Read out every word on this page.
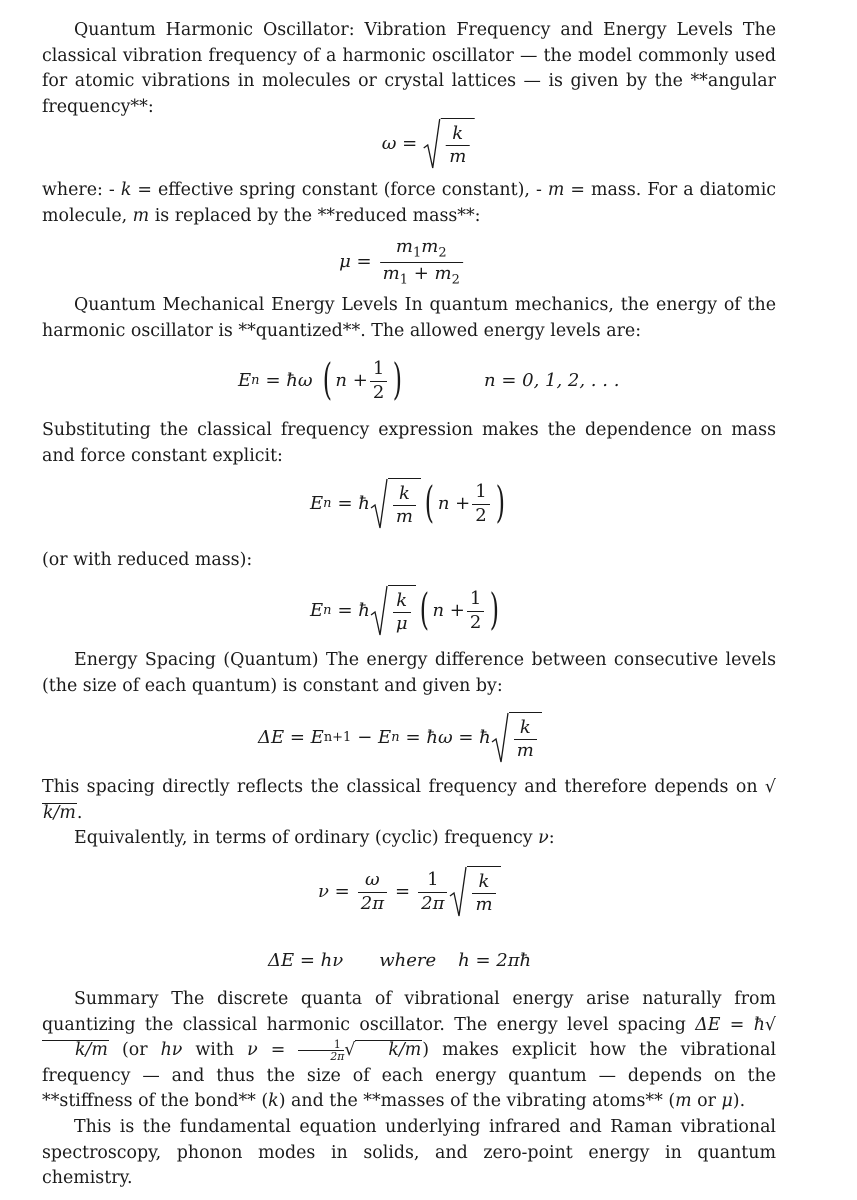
Quantum Harmonic Oscillator: Vibration Frequency and Energy Levels The classical vibration frequency of a harmonic oscillator — the model commonly used for atomic vibrations in molecules or crystal lattices — is given by the **angular frequency**:

$\omega = \frac{k}{m}$

where: - k = effective spring constant (force constant), - m = mass. For a diatomic molecule, m is replaced by the **reduced mass**:

$\mu = \frac{m_1m_2}{m_1 + m_2}$

Quantum Mechanical Energy Levels In quantum mechanics, the energy of the harmonic oscillator is **quantized**. The allowed energy levels are:

E n = ħω ( $n + \frac{1}{2}$ )	n = 0, 1, 2, . . .

Substituting the classical frequency expression makes the dependence on mass and force constant explicit:

E n = ħ $\frac{k}{m}$ ( $n + \frac{1}{2}$ )

(or with reduced mass):

E n = ħ $\frac{k}{\mu}$ ( $n + \frac{1}{2}$ )

Energy Spacing (Quantum) The energy difference between consecutive levels (the size of each quantum) is constant and given by:

ΔE = E n+1 − E n = ħω = ħ $\frac{k}{m}$

This spacing directly reflects the classical frequency and therefore depends on √k/m.

Equivalently, in terms of ordinary (cyclic) frequency ν:

$\nu = \frac{\omega}{2\pi} = \frac{1}{2\pi} \frac{k}{m}$
ΔE = hν where h = 2πħ

Summary The discrete quanta of vibrational energy arise naturally from quantizing the classical harmonic oscillator. The energy level spacing ΔE = ħ√k/m (or hν with $\nu = \frac{1}{2\pi}$ √ k/m) makes explicit how the vibrational frequency — and thus the size of each energy quantum — depends on the **stiffness of the bond** (k) and the **masses of the vibrating atoms** (m or μ).

This is the fundamental equation underlying infrared and Raman vibrational spectroscopy, phonon modes in solids, and zero-point energy in quantum chemistry.
